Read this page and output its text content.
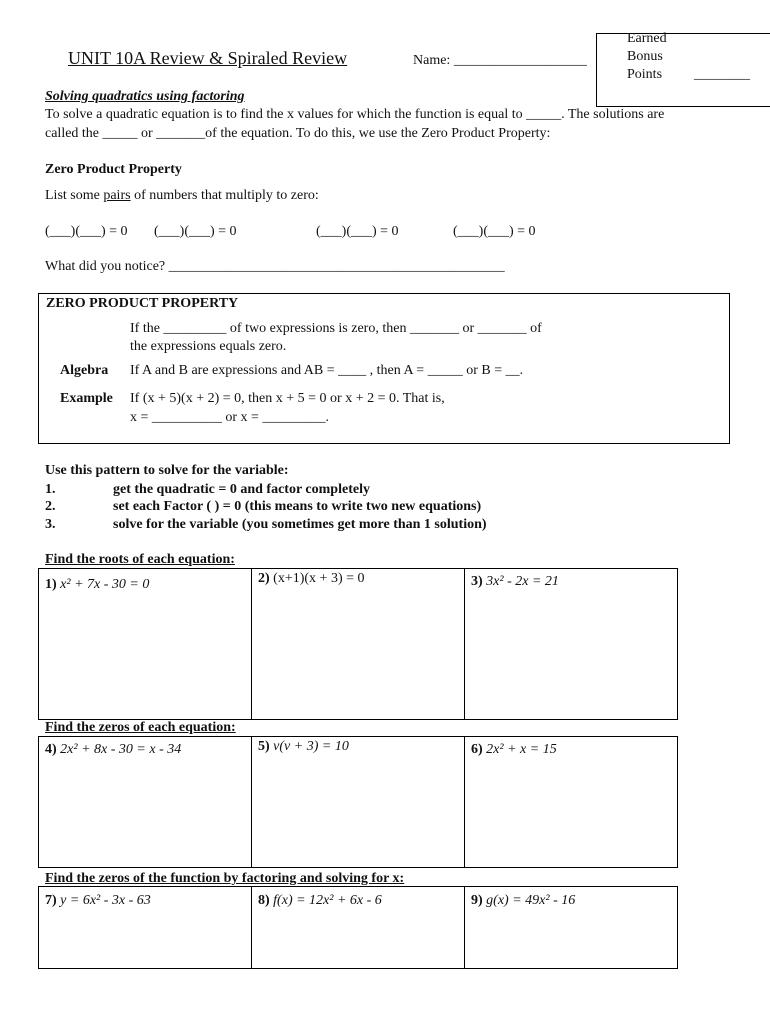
UNIT 10A Review & Spiraled Review	Name: ___________________
Earned
Bonus
Points ________
Solving quadratics using factoring
To solve a quadratic equation is to find the x values for which the function is equal to _____. The solutions are
called the _____ or _______of the equation. To do this, we use the Zero Product Property:
Zero Product Property
List some pairs of numbers that multiply to zero:
(___)(___) = 0 (___)(___) = 0	(___)(___) = 0	(___)(___) = 0
What did you notice? ________________________________________________
ZERO PRODUCT PROPERTY
If the _________ of two expressions is zero, then _______ or _______ of
the expressions equals zero.
Algebra If A and B are expressions and AB = ____ , then A = _____ or B = __.
Example If (x + 5)(x + 2) = 0, then x + 5 = 0 or x + 2 = 0. That is,
x = __________ or x = _________.
Use this pattern to solve for the variable:
1.	get the quadratic = 0 and factor completely
2.	set each Factor ( ) = 0 (this means to write two new equations)
3.	solve for the variable (you sometimes get more than 1 solution)
Find the roots of each equation:
1) x² + 7x - 30 = 0	2) (x+1)(x + 3) = 0	3) 3x² - 2x = 21
Find the zeros of each equation:
4) 2x² + 8x - 30 = x - 34	5) v(v + 3) = 10	6) 2x² + x = 15
Find the zeros of the function by factoring and solving for x:
7) y = 6x² - 3x - 63	8) f(x) = 12x² + 6x - 6	9) g(x) = 49x² - 16
